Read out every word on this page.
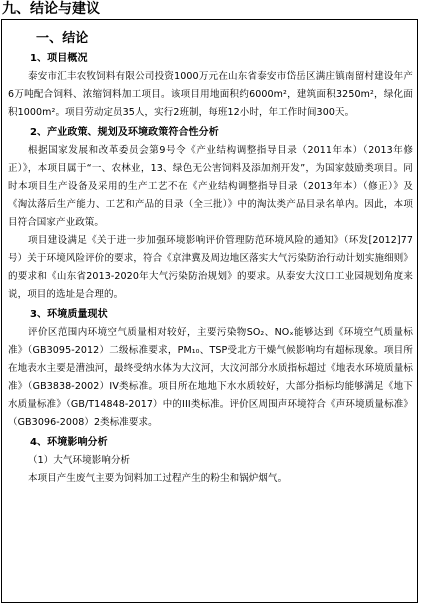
九、结论与建议
一、结论
1、项目概况

泰安市汇丰农牧饲料有限公司投资1000万元在山东省泰安市岱岳区满庄镇南留村建设年产6万吨配合饲料、浓缩饲料加工项目。该项目用地面积约6000m²，建筑面积3250m²，绿化面积1000m²。项目劳动定员35人，实行2班制，每班12小时，年工作时间300天。

2、产业政策、规划及环境政策符合性分析

根据国家发展和改革委员会第9号令《产业结构调整指导目录（2011年本）（2013年修正）》，本项目属于“一、农林业，13、绿色无公害饲料及添加剂开发”，为国家鼓励类项目。同时本项目生产设备及采用的生产工艺不在《产业结构调整指导目录（2013年本）（修正）》及《淘汰落后生产能力、工艺和产品的目录（全三批）》中的淘汰类产品目录名单内。因此，本项目符合国家产业政策。

项目建设满足《关于进一步加强环境影响评价管理防范环境风险的通知》（环发[2012]77号）关于环境风险评价的要求，符合《京津冀及周边地区落实大气污染防治行动计划实施细则》的要求和《山东省2013-2020年大气污染防治规划》的要求。从泰安大汶口工业园规划角度来说，项目的选址是合理的。

3、环境质量现状

评价区范围内环境空气质量相对较好，主要污染物SO₂、NOₓ能够达到《环境空气质量标准》（GB3095-2012）二级标准要求，PM₁₀、TSP受北方干燥气候影响均有超标现象。项目所在地表水主要是漕浊河，最终受纳水体为大汶河，大汶河部分水质指标超过《地表水环境质量标准》（GB3838-2002）IV类标准。项目所在地地下水水质较好，大部分指标均能够满足《地下水质量标准》（GB/T14848-2017）中的III类标准。评价区周围声环境符合《声环境质量标准》（GB3096-2008）2类标准要求。

4、环境影响分析

（1）大气环境影响分析

本项目产生废气主要为饲料加工过程产生的粉尘和锅炉烟气。
